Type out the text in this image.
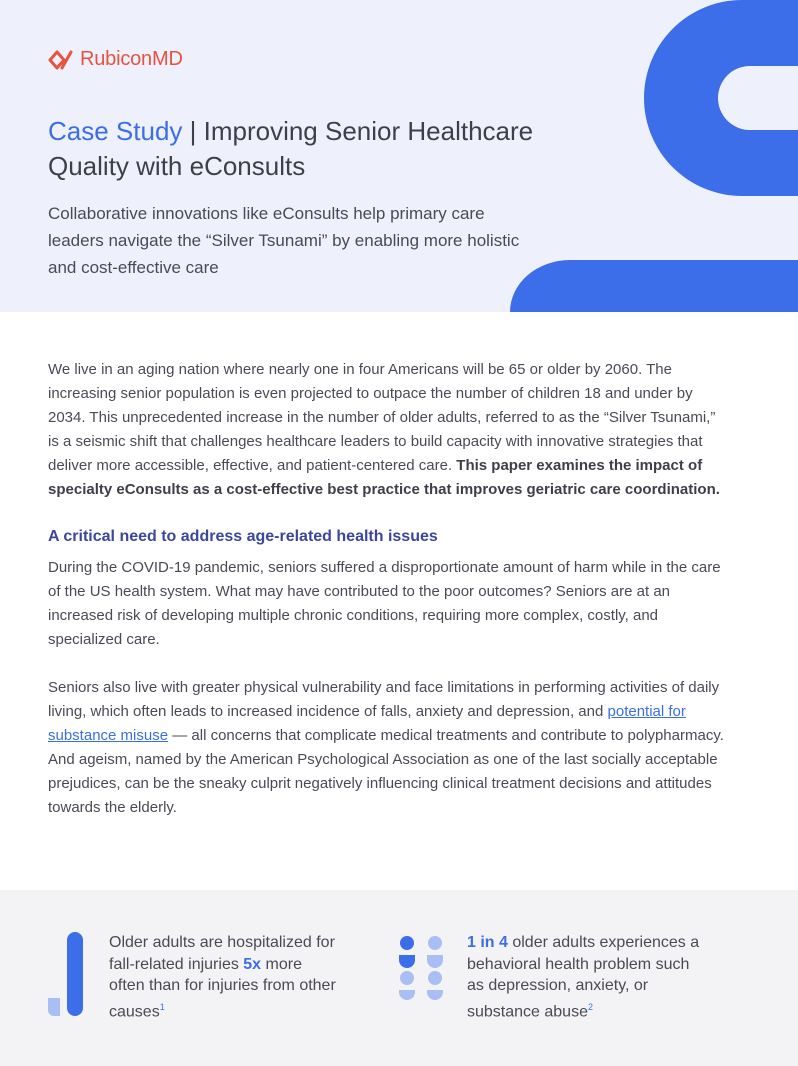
RubiconMD
Case Study | Improving Senior Healthcare Quality with eConsults

Collaborative innovations like eConsults help primary care leaders navigate the “Silver Tsunami” by enabling more holistic and cost-effective care

We live in an aging nation where nearly one in four Americans will be 65 or older by 2060. The increasing senior population is even projected to outpace the number of children 18 and under by 2034. This unprecedented increase in the number of older adults, referred to as the “Silver Tsunami,” is a seismic shift that challenges healthcare leaders to build capacity with innovative strategies that deliver more accessible, effective, and patient-centered care. This paper examines the impact of specialty eConsults as a cost-effective best practice that improves geriatric care coordination.

A critical need to address age-related health issues

During the COVID-19 pandemic, seniors suffered a disproportionate amount of harm while in the care of the US health system. What may have contributed to the poor outcomes? Seniors are at an increased risk of developing multiple chronic conditions, requiring more complex, costly, and specialized care.

Seniors also live with greater physical vulnerability and face limitations in performing activities of daily living, which often leads to increased incidence of falls, anxiety and depression, and potential for substance misuse — all concerns that complicate medical treatments and contribute to polypharmacy. And ageism, named by the American Psychological Association as one of the last socially acceptable prejudices, can be the sneaky culprit negatively influencing clinical treatment decisions and attitudes towards the elderly.

Older adults are hospitalized for fall-related injuries 5x more often than for injuries from other causes$^1$
1 in 4 older adults experiences a behavioral health problem such as depression, anxiety, or substance abuse$^2$
